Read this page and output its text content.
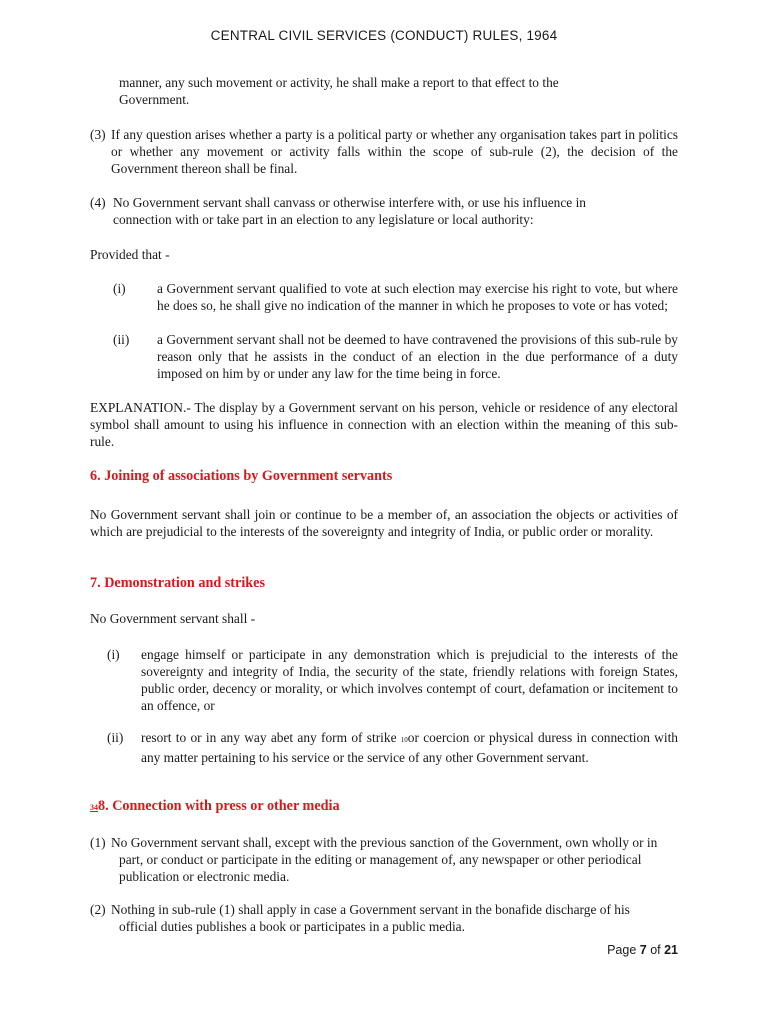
CENTRAL CIVIL SERVICES (CONDUCT) RULES, 1964
manner, any such movement or activity, he shall make a report to that effect to the Government.
(3) If any question arises whether a party is a political party or whether any organisation takes part in politics or whether any movement or activity falls within the scope of sub-rule (2), the decision of the Government thereon shall be final.
(4) No Government servant shall canvass or otherwise interfere with, or use his influence in connection with or take part in an election to any legislature or local authority:
Provided that -
(i) a Government servant qualified to vote at such election may exercise his right to vote, but where he does so, he shall give no indication of the manner in which he proposes to vote or has voted;
(ii) a Government servant shall not be deemed to have contravened the provisions of this sub-rule by reason only that he assists in the conduct of an election in the due performance of a duty imposed on him by or under any law for the time being in force.
EXPLANATION.- The display by a Government servant on his person, vehicle or residence of any electoral symbol shall amount to using his influence in connection with an election within the meaning of this sub-rule.
6. Joining of associations by Government servants
No Government servant shall join or continue to be a member of, an association the objects or activities of which are prejudicial to the interests of the sovereignty and integrity of India, or public order or morality.
7. Demonstration and strikes
No Government servant shall -
(i) engage himself or participate in any demonstration which is prejudicial to the interests of the sovereignty and integrity of India, the security of the state, friendly relations with foreign States, public order, decency or morality, or which involves contempt of court, defamation or incitement to an offence, or
(ii) resort to or in any way abet any form of strike 10or coercion or physical duress in connection with any matter pertaining to his service or the service of any other Government servant.
348. Connection with press or other media
(1) No Government servant shall, except with the previous sanction of the Government, own wholly or in part, or conduct or participate in the editing or management of, any newspaper or other periodical publication or electronic media.
(2) Nothing in sub-rule (1) shall apply in case a Government servant in the bonafide discharge of his official duties publishes a book or participates in a public media.
Page 7 of 21
